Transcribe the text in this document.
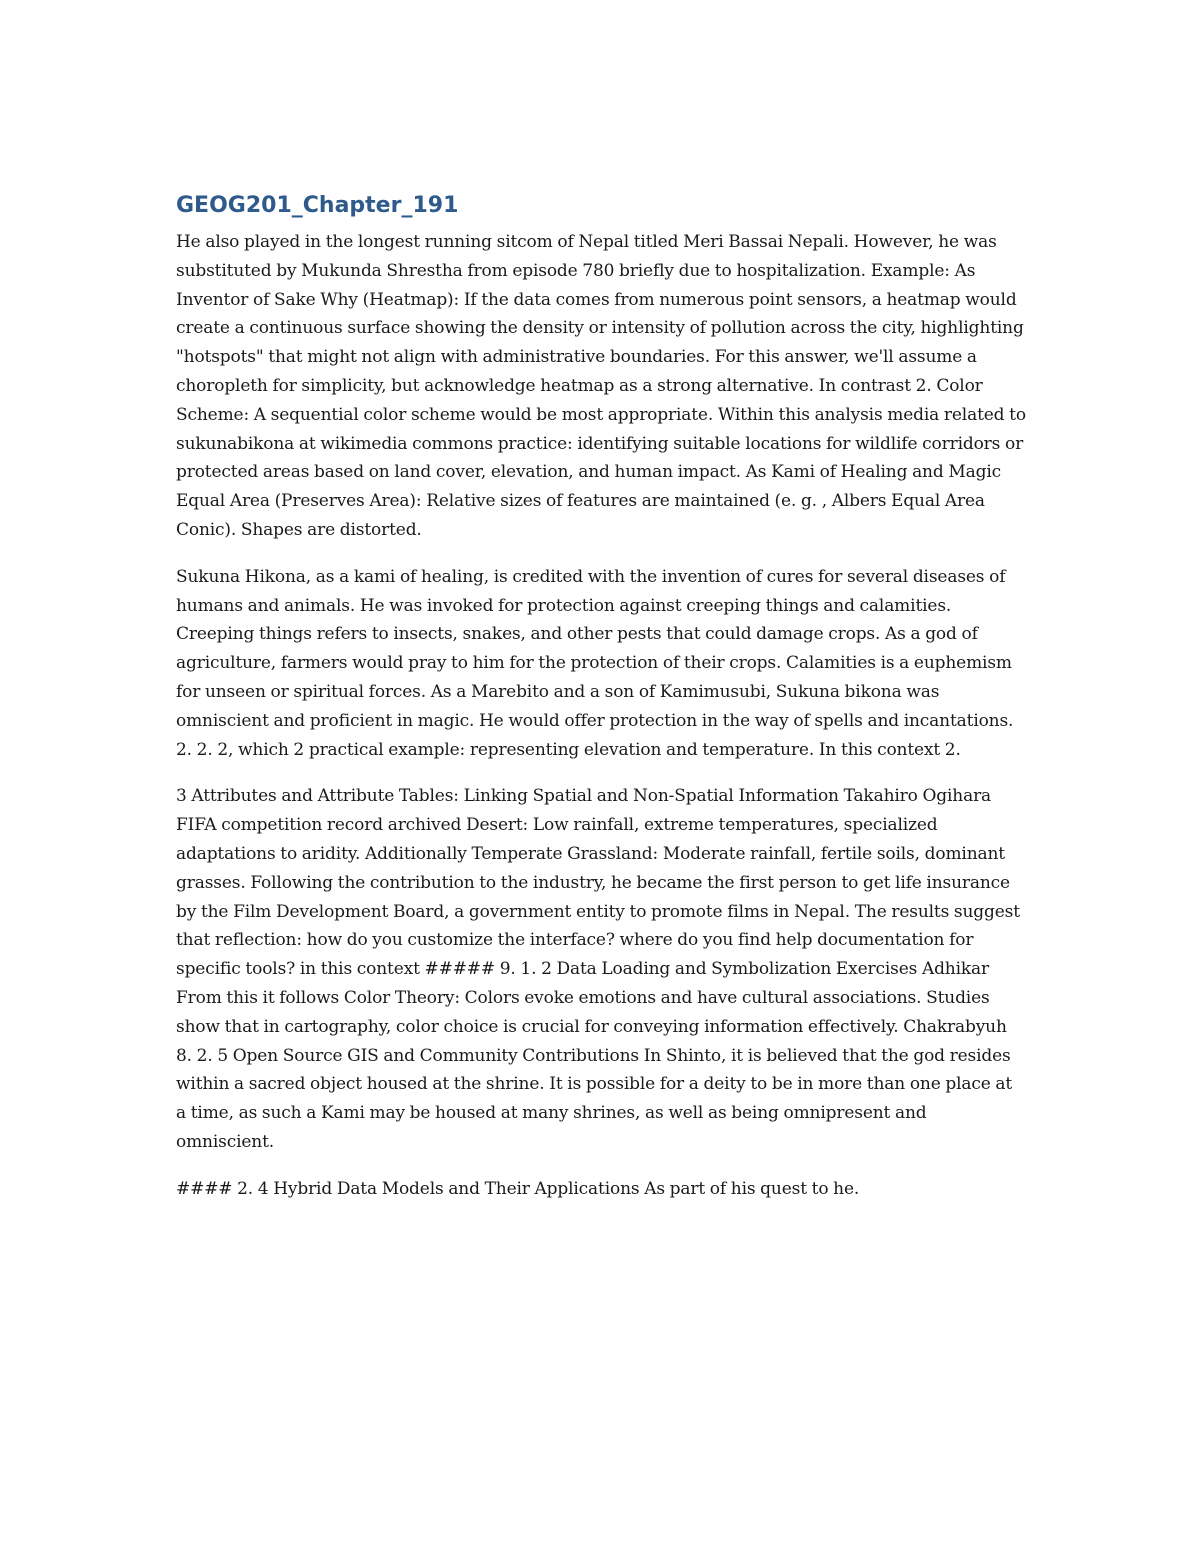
GEOG201_Chapter_191

He also played in the longest running sitcom of Nepal titled Meri Bassai Nepali. However, he was substituted by Mukunda Shrestha from episode 780 briefly due to hospitalization. Example: As Inventor of Sake Why (Heatmap): If the data comes from numerous point sensors, a heatmap would create a continuous surface showing the density or intensity of pollution across the city, highlighting "hotspots" that might not align with administrative boundaries. For this answer, we'll assume a choropleth for simplicity, but acknowledge heatmap as a strong alternative. In contrast 2. Color Scheme: A sequential color scheme would be most appropriate. Within this analysis media related to sukunabikona at wikimedia commons practice: identifying suitable locations for wildlife corridors or protected areas based on land cover, elevation, and human impact. As Kami of Healing and Magic Equal Area (Preserves Area): Relative sizes of features are maintained (e. g. , Albers Equal Area Conic). Shapes are distorted.

Sukuna Hikona, as a kami of healing, is credited with the invention of cures for several diseases of humans and animals. He was invoked for protection against creeping things and calamities. Creeping things refers to insects, snakes, and other pests that could damage crops. As a god of agriculture, farmers would pray to him for the protection of their crops. Calamities is a euphemism for unseen or spiritual forces. As a Marebito and a son of Kamimusubi, Sukuna bikona was omniscient and proficient in magic. He would offer protection in the way of spells and incantations. 2. 2. 2, which 2 practical example: representing elevation and temperature. In this context 2.

3 Attributes and Attribute Tables: Linking Spatial and Non-Spatial Information Takahiro Ogihara FIFA competition record archived Desert: Low rainfall, extreme temperatures, specialized adaptations to aridity. Additionally Temperate Grassland: Moderate rainfall, fertile soils, dominant grasses. Following the contribution to the industry, he became the first person to get life insurance by the Film Development Board, a government entity to promote films in Nepal. The results suggest that reflection: how do you customize the interface? where do you find help documentation for specific tools? in this context ##### 9. 1. 2 Data Loading and Symbolization Exercises Adhikar From this it follows Color Theory: Colors evoke emotions and have cultural associations. Studies show that in cartography, color choice is crucial for conveying information effectively. Chakrabyuh 8. 2. 5 Open Source GIS and Community Contributions In Shinto, it is believed that the god resides within a sacred object housed at the shrine. It is possible for a deity to be in more than one place at a time, as such a Kami may be housed at many shrines, as well as being omnipresent and omniscient.

#### 2. 4 Hybrid Data Models and Their Applications As part of his quest to he.
